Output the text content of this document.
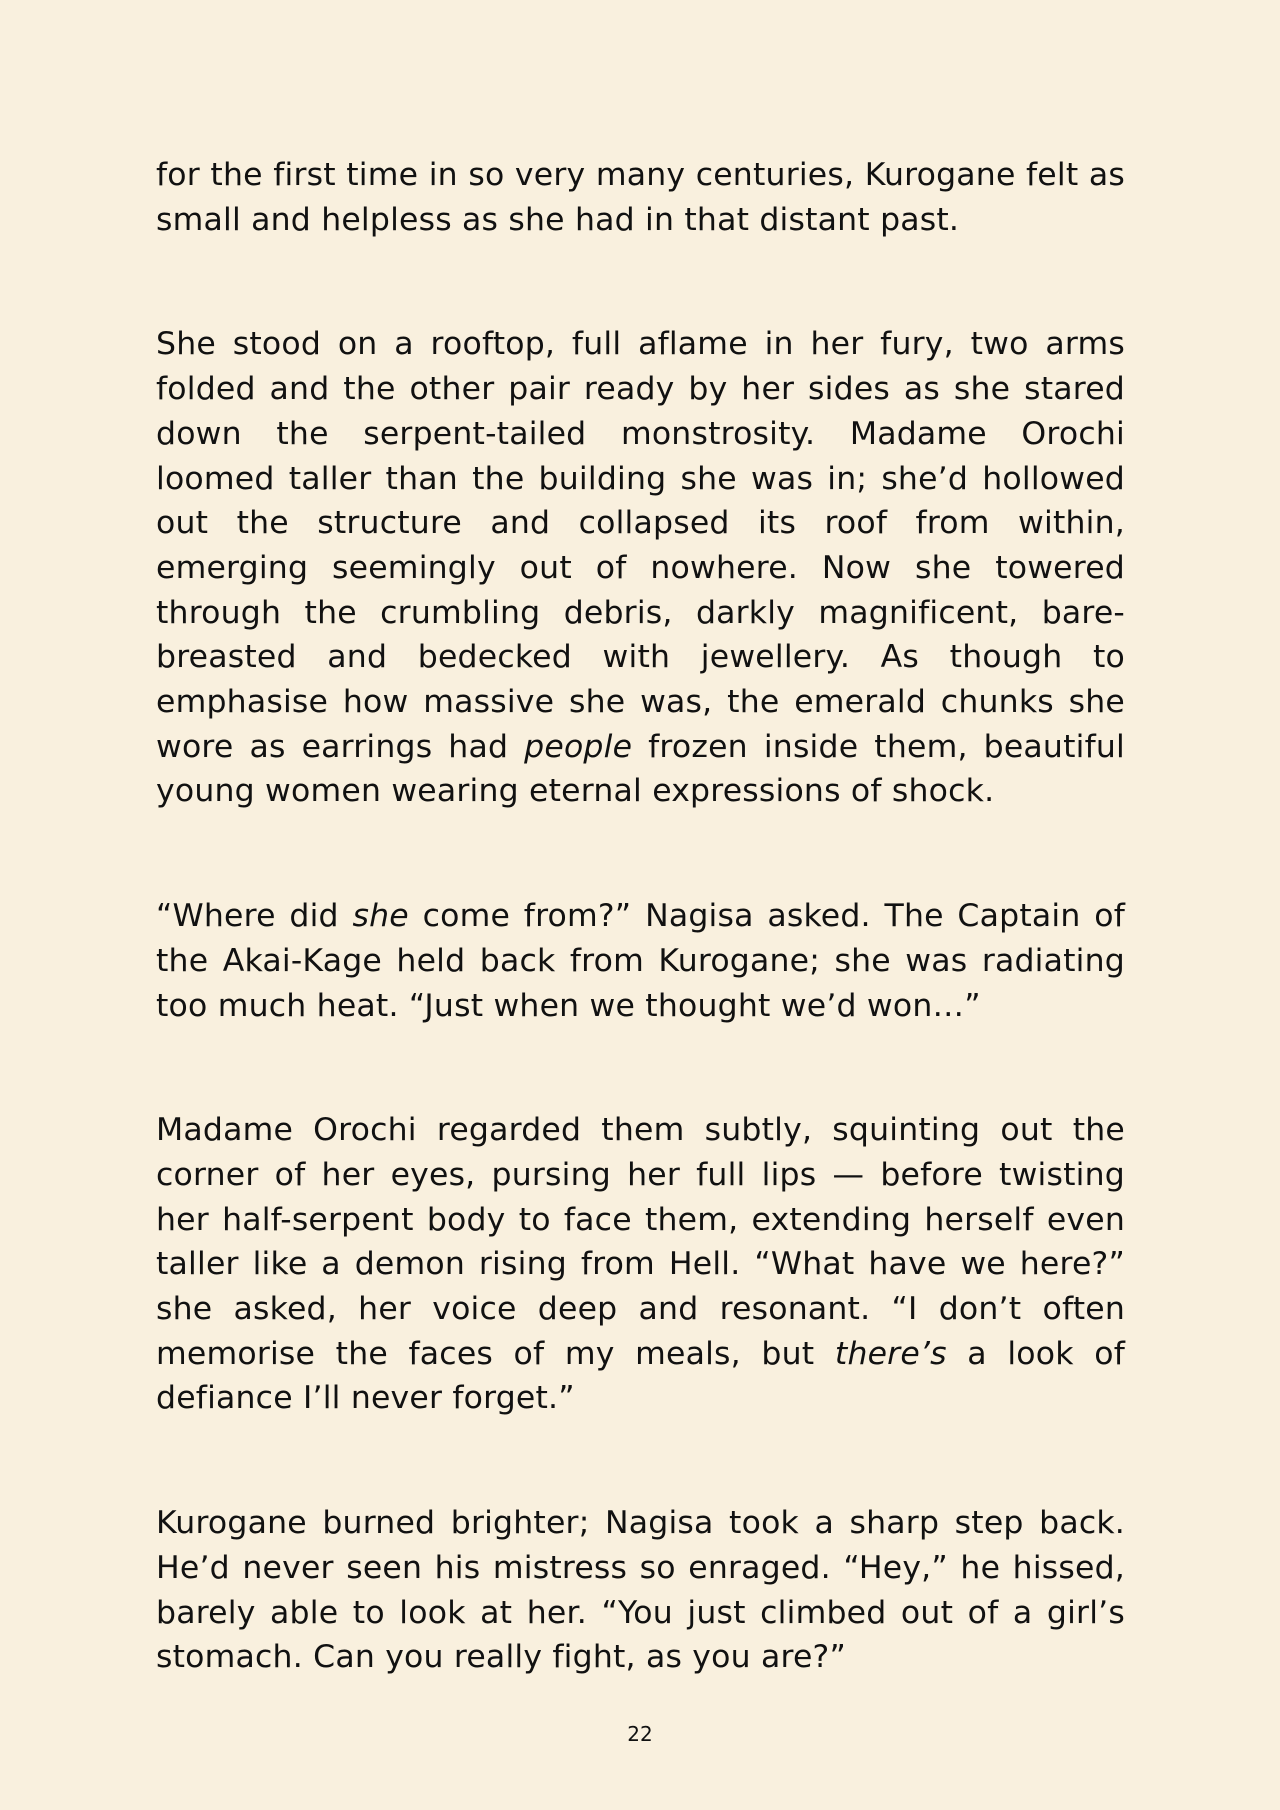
for the first time in so very many centuries, Kurogane felt as small and helpless as she had in that distant past.

She stood on a rooftop, full aflame in her fury, two arms folded and the other pair ready by her sides as she stared down the serpent-tailed monstrosity. Madame Orochi loomed taller than the building she was in; she’d hollowed out the structure and collapsed its roof from within, emerging seemingly out of nowhere. Now she towered through the crumbling debris, darkly magnificent, bare-breasted and bedecked with jewellery. As though to emphasise how massive she was, the emerald chunks she wore as earrings had people frozen inside them, beautiful young women wearing eternal expressions of shock.

“Where did she come from?” Nagisa asked. The Captain of the Akai-Kage held back from Kurogane; she was radiating too much heat. “Just when we thought we’d won…”

Madame Orochi regarded them subtly, squinting out the corner of her eyes, pursing her full lips — before twisting her half-serpent body to face them, extending herself even taller like a demon rising from Hell. “What have we here?” she asked, her voice deep and resonant. “I don’t often memorise the faces of my meals, but there’s a look of defiance I’ll never forget.”

Kurogane burned brighter; Nagisa took a sharp step back. He’d never seen his mistress so enraged. “Hey,” he hissed, barely able to look at her. “You just climbed out of a girl’s stomach. Can you really fight, as you are?”

22
